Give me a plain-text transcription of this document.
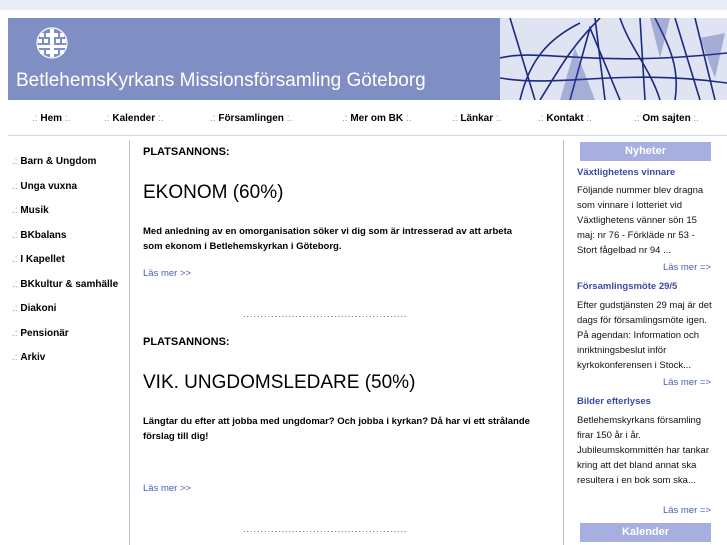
BetlehemsKyrkans Missionsförsamling Göteborg
.: Hem :.	.: Kalender :.	.: Församlingen :.	.: Mer om BK :.	.: Länkar :.	.: Kontakt :.	.: Om sajten :.
.: Barn & Ungdom
.: Unga vuxna
.: Musik
.: BKbalans
.: I Kapellet
.: BKkultur & samhälle
.: Diakoni
.: Pensionär
.: Arkiv
PLATSANNONS:
EKONOM (60%)
Med anledning av en omorganisation söker vi dig som är intresserad av att arbeta som ekonom i Betlehemskyrkan i Göteborg.
Läs mer >>
...............................................
PLATSANNONS:
VIK. UNGDOMSLEDARE (50%)
Längtar du efter att jobba med ungdomar? Och jobba i kyrkan? Då har vi ett strålande förslag till dig!
Läs mer >>
...............................................
Nyheter
Växtlighetens vinnare
Följande nummer blev dragna som vinnare i lotteriet vid Växtlighetens vänner sön 15 maj: nr 76 - Förkläde nr 53 - Stort fågelbad nr 94 ...
Läs mer =>
Församlingsmöte 29/5
Efter gudstjänsten 29 maj är det dags för församlingsmöte igen. På agendan: Information och inriktningsbeslut inför kyrkokonferensen i Stock...
Läs mer =>
Bilder efterlyses
Betlehemskyrkans församling firar 150 år i år. Jubileumskommittén har tankar kring att det bland annat ska resultera i en bok som ska...
Läs mer =>
Kalender
